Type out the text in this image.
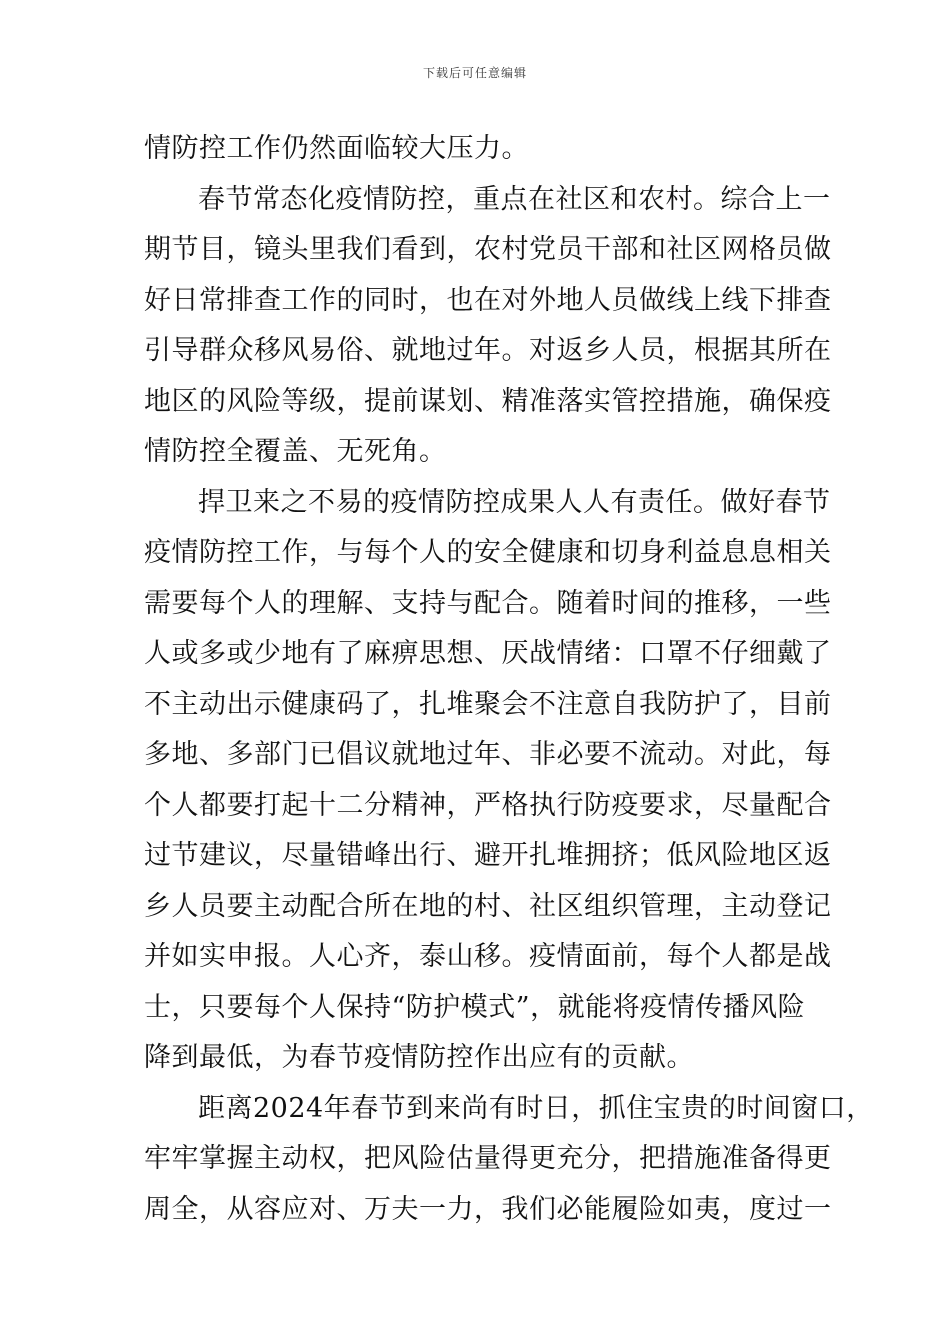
下载后可任意编辑
情防控工作仍然面临较大压力。
春节常态化疫情防控，重点在社区和农村。综合上一
期节目，镜头里我们看到，农村党员干部和社区网格员做
好日常排查工作的同时，也在对外地人员做线上线下排查
引导群众移风易俗、就地过年。对返乡人员，根据其所在
地区的风险等级，提前谋划、精准落实管控措施，确保疫
情防控全覆盖、无死角。
捍卫来之不易的疫情防控成果人人有责任。做好春节
疫情防控工作，与每个人的安全健康和切身利益息息相关
需要每个人的理解、支持与配合。随着时间的推移，一些
人或多或少地有了麻痹思想、厌战情绪：口罩不仔细戴了
不主动出示健康码了，扎堆聚会不注意自我防护了，目前
多地、多部门已倡议就地过年、非必要不流动。对此，每
个人都要打起十二分精神，严格执行防疫要求，尽量配合
过节建议，尽量错峰出行、避开扎堆拥挤；低风险地区返
乡人员要主动配合所在地的村、社区组织管理，主动登记
并如实申报。人心齐，泰山移。疫情面前，每个人都是战
士，只要每个人保持“防护模式”，就能将疫情传播风险
降到最低，为春节疫情防控作出应有的贡献。
距离2024年春节到来尚有时日，抓住宝贵的时间窗口，
牢牢掌握主动权，把风险估量得更充分，把措施准备得更
周全，从容应对、万夫一力，我们必能履险如夷，度过一
